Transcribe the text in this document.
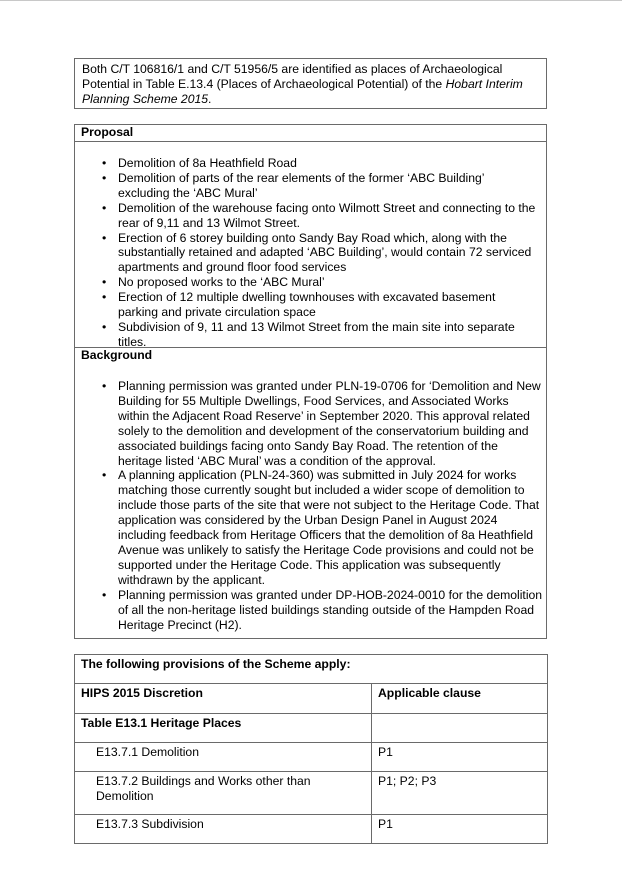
Both C/T 106816/1 and C/T 51956/5 are identified as places of Archaeological Potential in Table E.13.4 (Places of Archaeological Potential) of the Hobart Interim Planning Scheme 2015.
Proposal
• Demolition of 8a Heathfield Road
• Demolition of parts of the rear elements of the former ‘ABC Building’ excluding the ‘ABC Mural’
• Demolition of the warehouse facing onto Wilmott Street and connecting to the rear of 9,11 and 13 Wilmot Street.
• Erection of 6 storey building onto Sandy Bay Road which, along with the substantially retained and adapted ‘ABC Building’, would contain 72 serviced apartments and ground floor food services
• No proposed works to the ‘ABC Mural’
• Erection of 12 multiple dwelling townhouses with excavated basement parking and private circulation space
• Subdivision of 9, 11 and 13 Wilmot Street from the main site into separate titles.
Background
• Planning permission was granted under PLN-19-0706 for ‘Demolition and New Building for 55 Multiple Dwellings, Food Services, and Associated Works within the Adjacent Road Reserve’ in September 2020. This approval related solely to the demolition and development of the conservatorium building and associated buildings facing onto Sandy Bay Road. The retention of the heritage listed ‘ABC Mural’ was a condition of the approval.
• A planning application (PLN-24-360) was submitted in July 2024 for works matching those currently sought but included a wider scope of demolition to include those parts of the site that were not subject to the Heritage Code. That application was considered by the Urban Design Panel in August 2024 including feedback from Heritage Officers that the demolition of 8a Heathfield Avenue was unlikely to satisfy the Heritage Code provisions and could not be supported under the Heritage Code. This application was subsequently withdrawn by the applicant.
• Planning permission was granted under DP-HOB-2024-0010 for the demolition of all the non-heritage listed buildings standing outside of the Hampden Road Heritage Precinct (H2).
The following provisions of the Scheme apply:	
HIPS 2015 Discretion	Applicable clause
Table E13.1 Heritage Places	
E13.7.1 Demolition	P1
E13.7.2 Buildings and Works other than Demolition	P1; P2; P3
E13.7.3 Subdivision	P1
